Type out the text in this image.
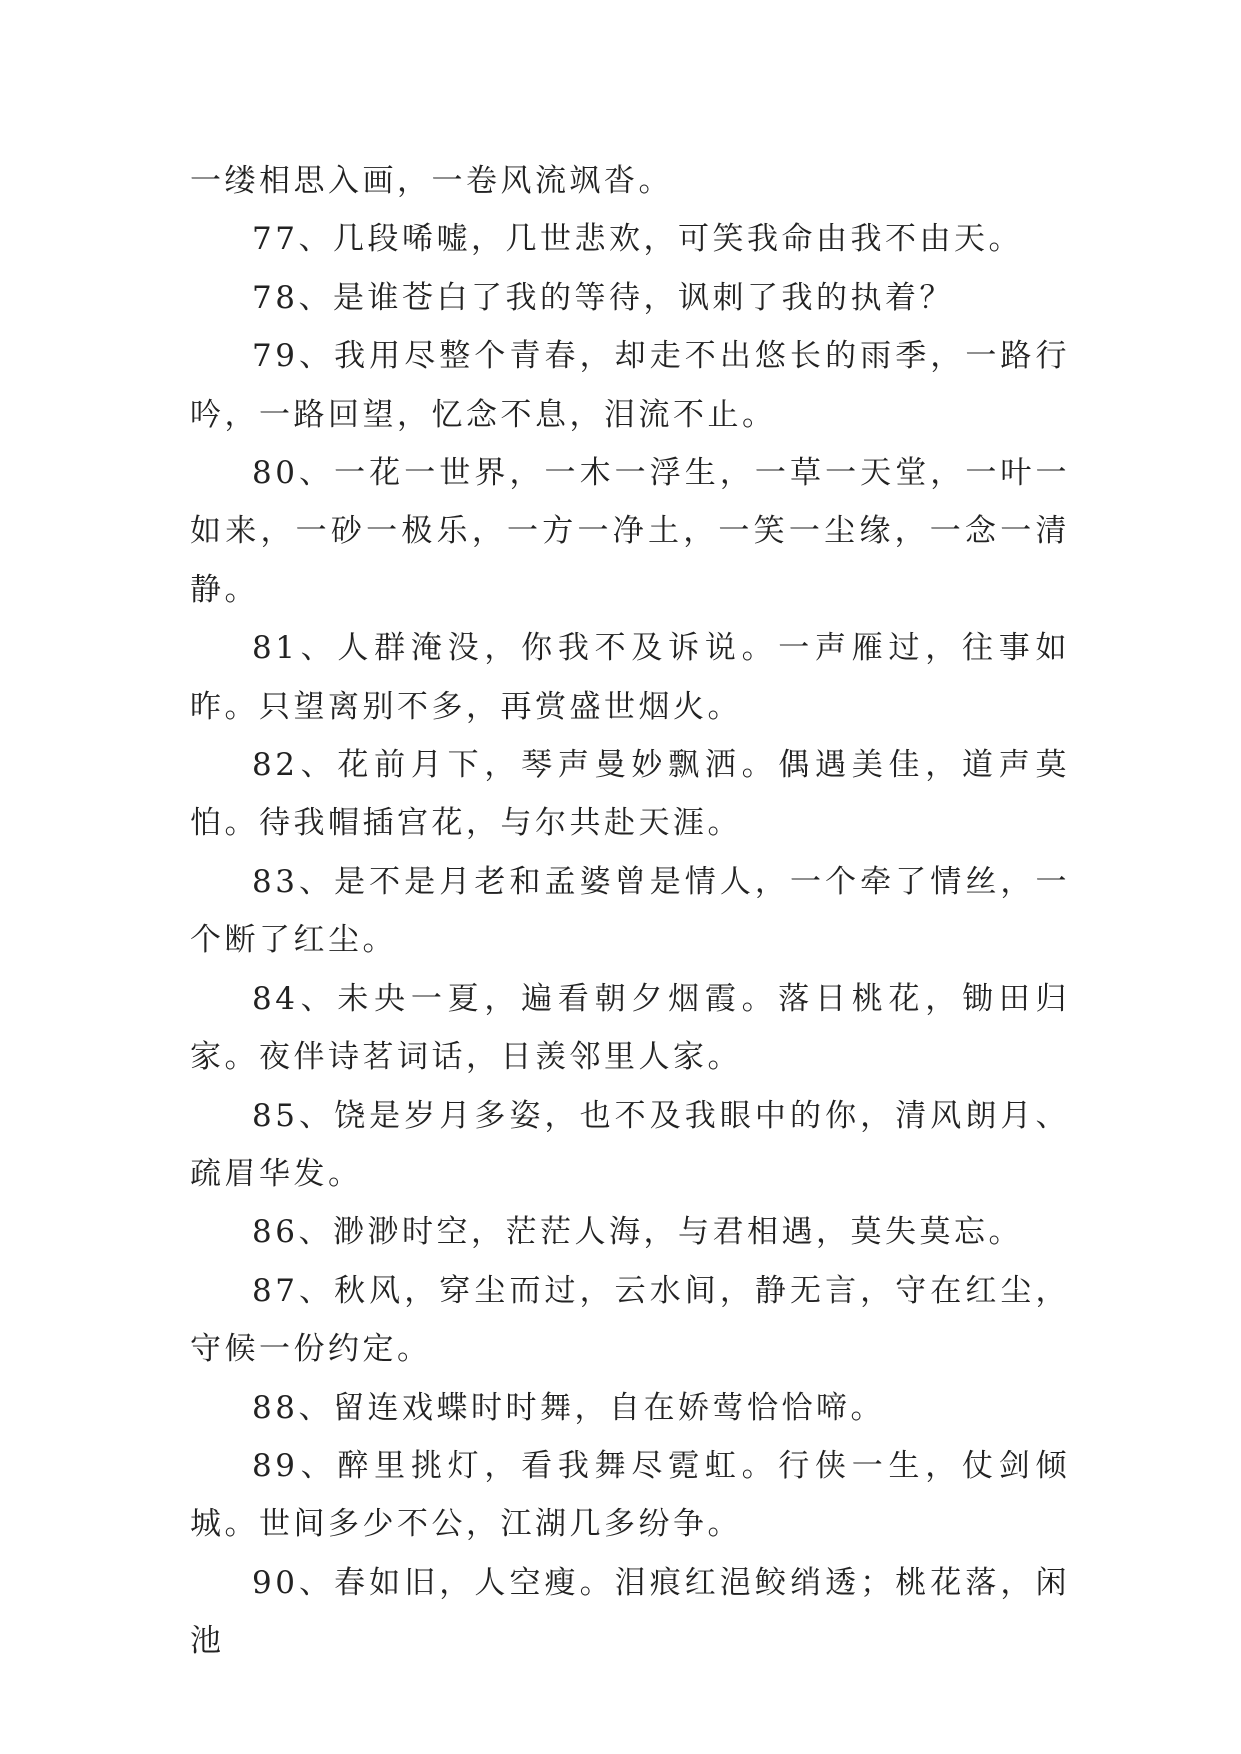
一缕相思入画，一卷风流飒沓。

77、几段唏嘘，几世悲欢，可笑我命由我不由天。

78、是谁苍白了我的等待，讽刺了我的执着？

79、我用尽整个青春，却走不出悠长的雨季，一路行吟，一路回望，忆念不息，泪流不止。

80、一花一世界，一木一浮生，一草一天堂，一叶一如来，一砂一极乐，一方一净土，一笑一尘缘，一念一清静。

81、人群淹没，你我不及诉说。一声雁过，往事如昨。只望离别不多，再赏盛世烟火。

82、花前月下，琴声曼妙飘洒。偶遇美佳，道声莫怕。待我帽插宫花，与尔共赴天涯。

83、是不是月老和孟婆曾是情人，一个牵了情丝，一个断了红尘。

84、未央一夏，遍看朝夕烟霞。落日桃花，锄田归家。夜伴诗茗词话，日羡邻里人家。

85、饶是岁月多姿，也不及我眼中的你，清风朗月、疏眉华发。

86、渺渺时空，茫茫人海，与君相遇，莫失莫忘。

87、秋风，穿尘而过，云水间，静无言，守在红尘，守候一份约定。

88、留连戏蝶时时舞，自在娇莺恰恰啼。

89、醉里挑灯，看我舞尽霓虹。行侠一生，仗剑倾城。世间多少不公，江湖几多纷争。

90、春如旧，人空瘦。泪痕红浥鲛绡透；桃花落，闲池
